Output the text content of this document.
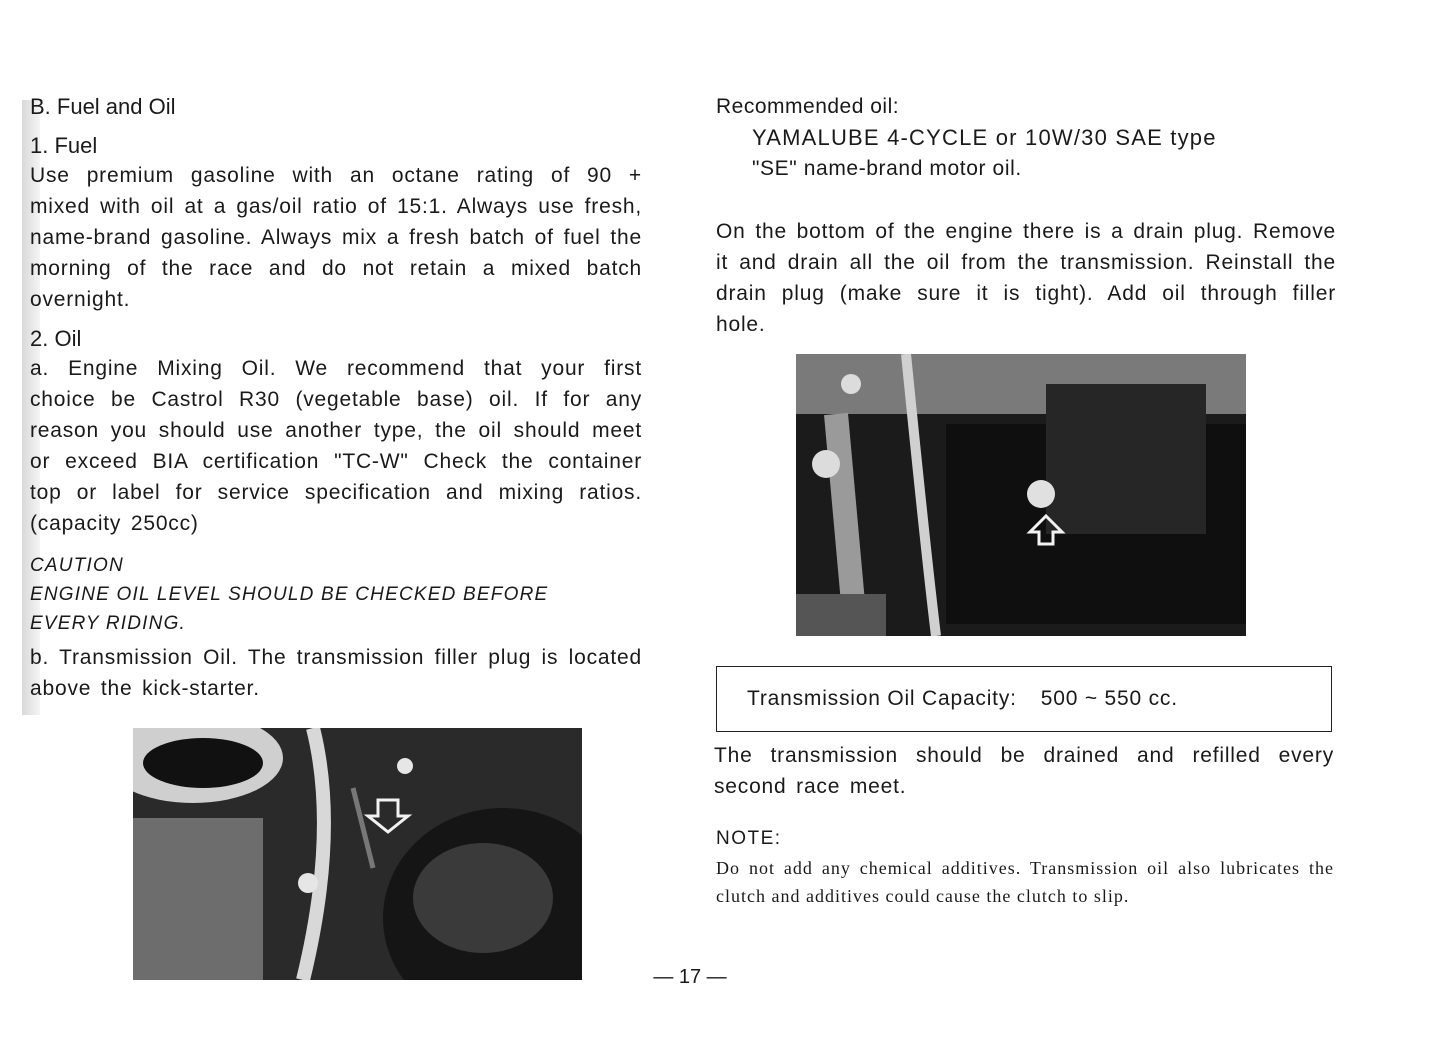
B. Fuel and Oil

1. Fuel

Use premium gasoline with an octane rating of 90 + mixed with oil at a gas/oil ratio of 15:1. Always use fresh, name-brand gasoline. Always mix a fresh batch of fuel the morning of the race and do not retain a mixed batch overnight.

2. Oil

a. Engine Mixing Oil. We recommend that your first choice be Castrol R30 (vegetable base) oil. If for any reason you should use another type, the oil should meet or exceed BIA certification "TC-W" Check the container top or label for service specification and mixing ratios. (capacity 250cc)

CAUTION
ENGINE OIL LEVEL SHOULD BE CHECKED BEFORE
EVERY RIDING.

b. Transmission Oil. The transmission filler plug is located above the kick-starter.

Recommended oil:

YAMALUBE 4-CYCLE or 10W/30 SAE type

"SE" name-brand motor oil.

On the bottom of the engine there is a drain plug. Remove it and drain all the oil from the transmission. Reinstall the drain plug (make sure it is tight). Add oil through filler hole.

Transmission Oil Capacity: 500 ~ 550 cc.

The transmission should be drained and refilled every second race meet.

NOTE:

Do not add any chemical additives. Transmission oil also lubricates the clutch and additives could cause the clutch to slip.

— 17 —
